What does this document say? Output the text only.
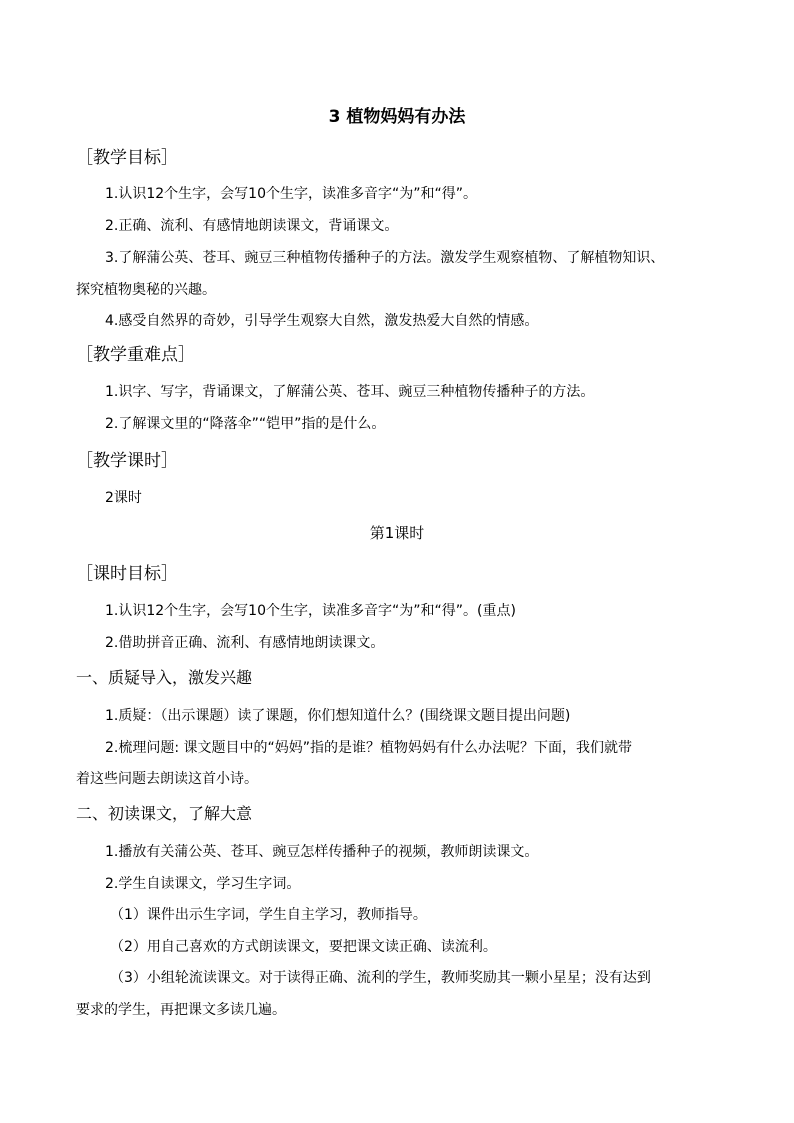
3 植物妈妈有办法
［教学目标］
1.认识12个生字，会写10个生字，读准多音字“为”和“得”。
2.正确、流利、有感情地朗读课文，背诵课文。
3.了解蒲公英、苍耳、豌豆三种植物传播种子的方法。激发学生观察植物、了解植物知识、
探究植物奥秘的兴趣。
4.感受自然界的奇妙，引导学生观察大自然，激发热爱大自然的情感。
［教学重难点］
1.识字、写字，背诵课文，了解蒲公英、苍耳、豌豆三种植物传播种子的方法。
2.了解课文里的“降落伞”“铠甲”指的是什么。
［教学课时］
2课时
第1课时
［课时目标］
1.认识12个生字，会写10个生字，读准多音字“为”和“得”。(重点)
2.借助拼音正确、流利、有感情地朗读课文。
一、质疑导入，激发兴趣
1.质疑：（出示课题）读了课题，你们想知道什么？(围绕课文题目提出问题)
2.梳理问题: 课文题目中的“妈妈”指的是谁？植物妈妈有什么办法呢？下面，我们就带
着这些问题去朗读这首小诗。
二、初读课文，了解大意
1.播放有关蒲公英、苍耳、豌豆怎样传播种子的视频，教师朗读课文。
2.学生自读课文，学习生字词。
（1）课件出示生字词，学生自主学习，教师指导。
（2）用自己喜欢的方式朗读课文，要把课文读正确、读流利。
（3）小组轮流读课文。对于读得正确、流利的学生，教师奖励其一颗小星星；没有达到
要求的学生，再把课文多读几遍。
